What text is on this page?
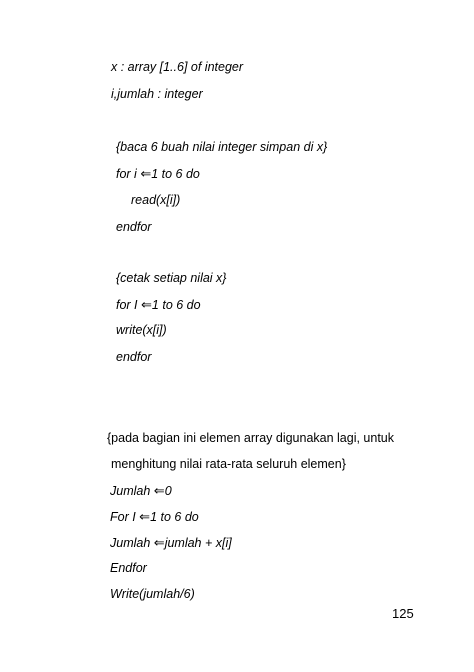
x : array [1..6] of integer
i,jumlah : integer
{baca 6 buah nilai integer simpan di x}
for i ⇐1 to 6 do
read(x[i])
endfor
{cetak setiap nilai x}
for I ⇐1 to 6 do
write(x[i])
endfor
{pada bagian ini elemen array digunakan lagi, untuk
menghitung nilai rata-rata seluruh elemen}
Jumlah ⇐0
For I ⇐1 to 6 do
Jumlah ⇐jumlah + x[i]
Endfor
Write(jumlah/6)
125
